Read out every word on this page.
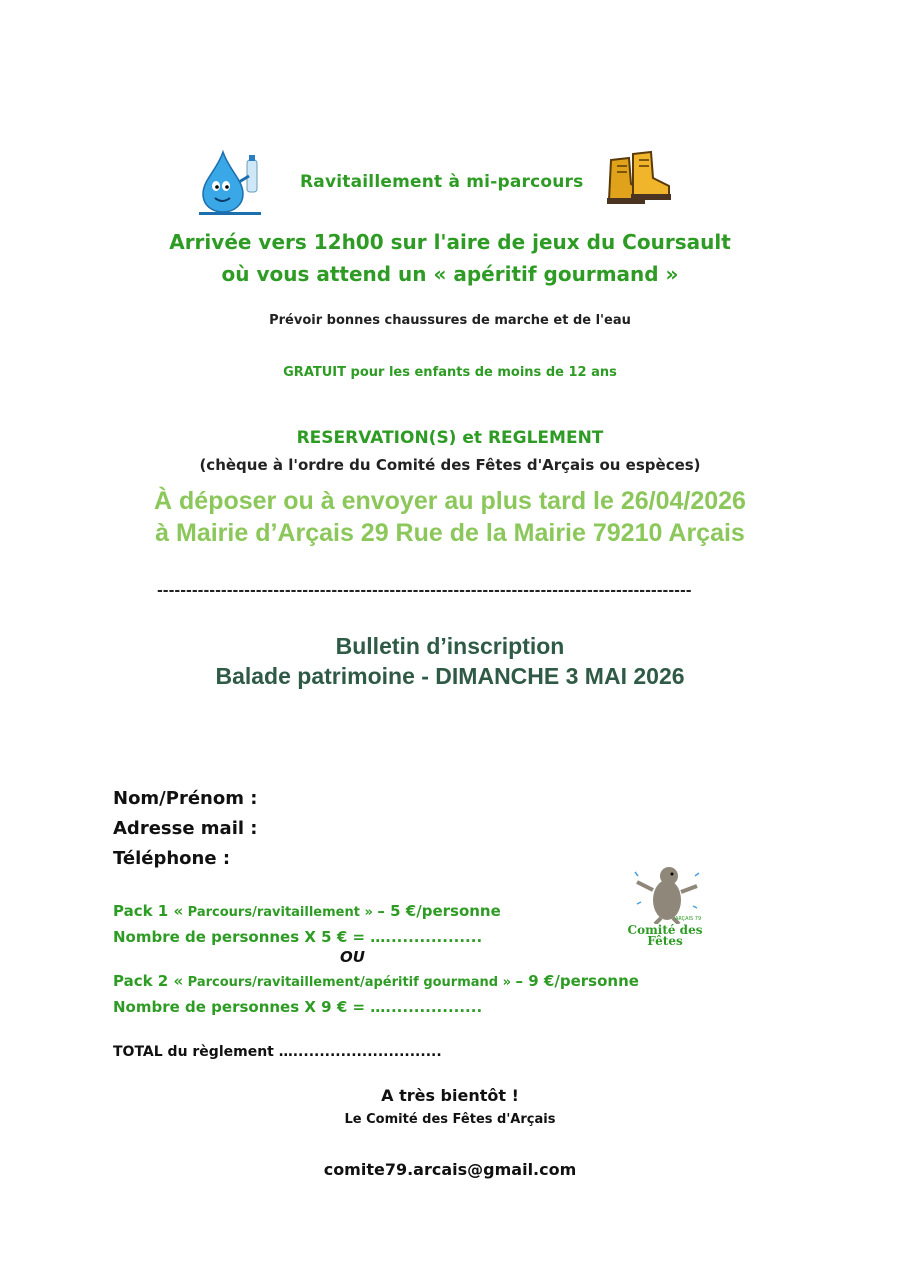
Ravitaillement à mi-parcours
Arrivée vers 12h00 sur l'aire de jeux du Coursault
où vous attend un « apéritif gourmand »
Prévoir bonnes chaussures de marche et de l'eau
GRATUIT pour les enfants de moins de 12 ans
RESERVATION(S) et REGLEMENT
(chèque à l'ordre du Comité des Fêtes d'Arçais ou espèces)
À déposer ou à envoyer au plus tard le 26/04/2026
à Mairie d’Arçais 29 Rue de la Mairie 79210 Arçais
--------------------------------------------------------------------------------------------
Bulletin d’inscription
Balade patrimoine - DIMANCHE 3 MAI 2026
Nom/Prénom :
Adresse mail :
Téléphone :
Pack 1 « Parcours/ravitaillement » – 5 €/personne
Nombre de personnes X 5 € = ….................
OU
Pack 2 « Parcours/ravitaillement/apéritif gourmand » – 9 €/personne
Nombre de personnes X 9 € = ….................
ARÇAIS 79
Comité des
Fêtes
TOTAL du règlement …............................
A très bientôt !
Le Comité des Fêtes d'Arçais
comite79.arcais@gmail.com
